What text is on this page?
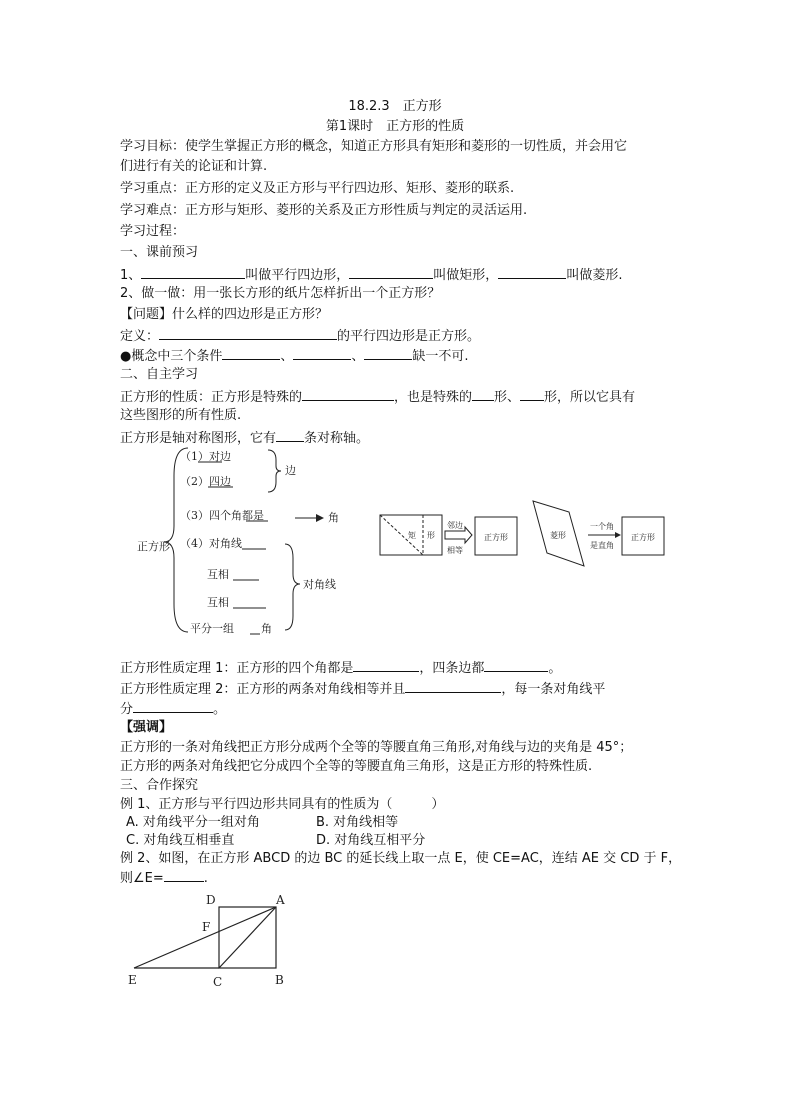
18.2.3　正方形
第1课时　正方形的性质
学习目标：使学生掌握正方形的概念，知道正方形具有矩形和菱形的一切性质，并会用它
们进行有关的论证和计算.
学习重点：正方形的定义及正方形与平行四边形、矩形、菱形的联系.
学习难点：正方形与矩形、菱形的关系及正方形性质与判定的灵活运用.
学习过程：
一、课前预习
1、	叫做平行四边形，	叫做矩形，	叫做菱形.
2、做一做：用一张长方形的纸片怎样折出一个正方形？
【问题】什么样的四边形是正方形？
定义：	的平行四边形是正方形。
●概念中三个条件	、	、	缺一不可.
二、自主学习
正方形的性质：正方形是特殊的	，也是特殊的 形、 形，所以它具有
这些图形的所有性质.
正方形是轴对称图形，它有 条对称轴。
正方形
（1）对边
（2）四边
边
（3）四个角都是	角
（4）对角线
互相
互相
平分一组 角
对角线
矩 形
邻边
相等
正方形	菱形
一个角
是直角
正方形
正方形性质定理 1：正方形的四个角都是	，四条边都	。
正方形性质定理 2：正方形的两条对角线相等并且	，每一条对角线平
分	。
【强调】
正方形的一条对角线把正方形分成两个全等的等腰直角三角形,对角线与边的夹角是 45°；
正方形的两条对角线把它分成四个全等的等腰直角三角形，这是正方形的特殊性质.
三、合作探究
例 1、正方形与平行四边形共同具有的性质为（　　　）
A. 对角线平分一组对角	B. 对角线相等
C. 对角线互相垂直	D. 对角线互相平分
例 2、如图，在正方形 ABCD 的边 BC 的延长线上取一点 E，使 CE=AC，连结 AE 交 CD 于 F，
则∠E=	.
D	A
F
E	C	B
